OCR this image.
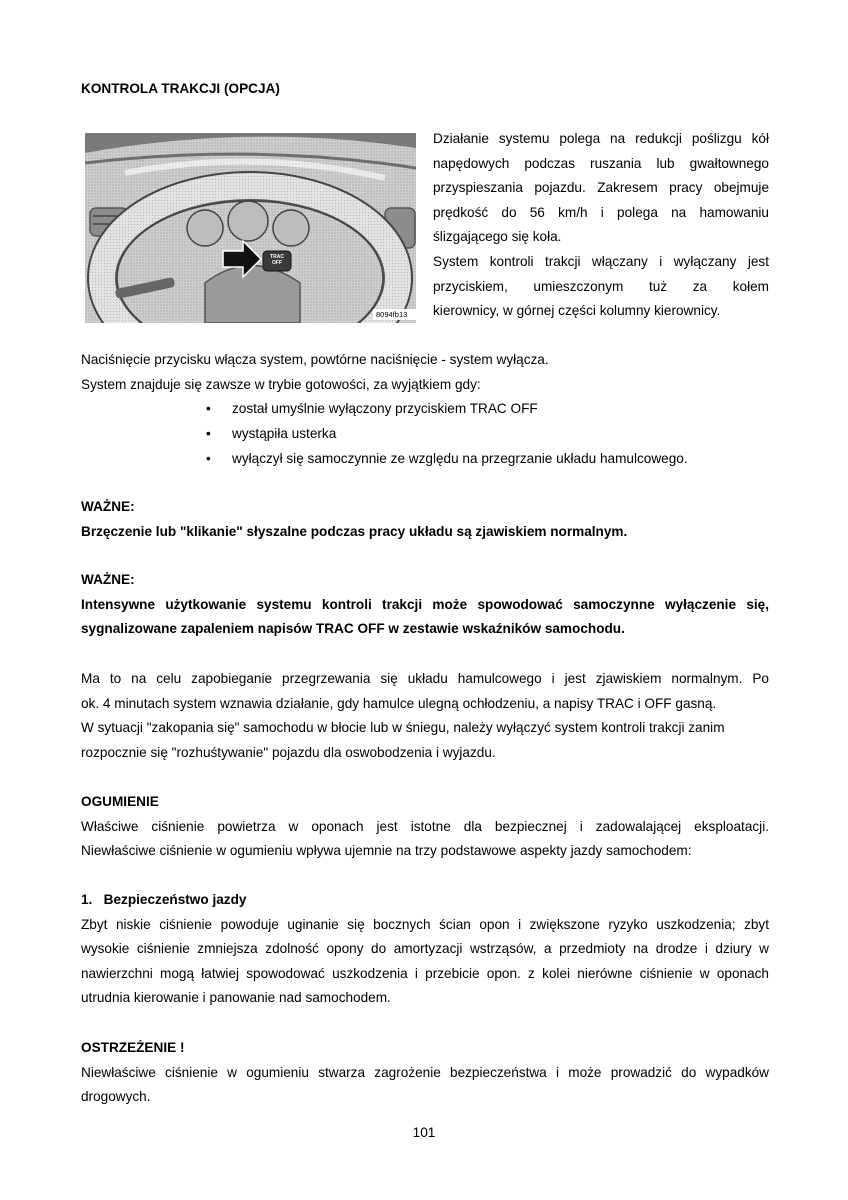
KONTROLA TRAKCJI (OPCJA)
TRAC OFF
8094fb13
Działanie systemu polega na redukcji poślizgu kół
napędowych podczas ruszania lub gwałtownego
przyspieszania pojazdu. Zakresem pracy obejmuje
prędkość do 56 km/h i polega na hamowaniu
ślizgającego się koła.
System kontroli trakcji włączany i wyłączany jest
przyciskiem, umieszczonym tuż za kołem
kierownicy, w górnej części kolumny kierownicy.
Naciśnięcie przycisku włącza system, powtórne naciśnięcie - system wyłącza.
System znajduje się zawsze w trybie gotowości, za wyjątkiem gdy:
•	został umyślnie wyłączony przyciskiem TRAC OFF
•	wystąpiła usterka
•	wyłączył się samoczynnie ze względu na przegrzanie układu hamulcowego.
WAŻNE:
Brzęczenie lub "klikanie" słyszalne podczas pracy układu są zjawiskiem normalnym.
WAŻNE:
Intensywne użytkowanie systemu kontroli trakcji może spowodować samoczynne wyłączenie się,
sygnalizowane zapaleniem napisów TRAC OFF w zestawie wskaźników samochodu.
Ma to na celu zapobieganie przegrzewania się układu hamulcowego i jest zjawiskiem normalnym. Po
ok. 4 minutach system wznawia działanie, gdy hamulce ulegną ochłodzeniu, a napisy TRAC i OFF gasną.
W sytuacji "zakopania się" samochodu w błocie lub w śniegu, należy wyłączyć system kontroli trakcji zanim
rozpocznie się "rozhuśtywanie" pojazdu dla oswobodzenia i wyjazdu.
OGUMIENIE
Właściwe ciśnienie powietrza w oponach jest istotne dla bezpiecznej i zadowalającej eksploatacji.
Niewłaściwe ciśnienie w ogumieniu wpływa ujemnie na trzy podstawowe aspekty jazdy samochodem:
1.   Bezpieczeństwo jazdy
Zbyt niskie ciśnienie powoduje uginanie się bocznych ścian opon i zwiększone ryzyko uszkodzenia; zbyt
wysokie ciśnienie zmniejsza zdolność opony do amortyzacji wstrząsów, a przedmioty na drodze i dziury w
nawierzchni mogą łatwiej spowodować uszkodzenia i przebicie opon. z kolei nierówne ciśnienie w oponach
utrudnia kierowanie i panowanie nad samochodem.
OSTRZEŻENIE !
Niewłaściwe ciśnienie w ogumieniu stwarza zagrożenie bezpieczeństwa i może prowadzić do wypadków
drogowych.
101
